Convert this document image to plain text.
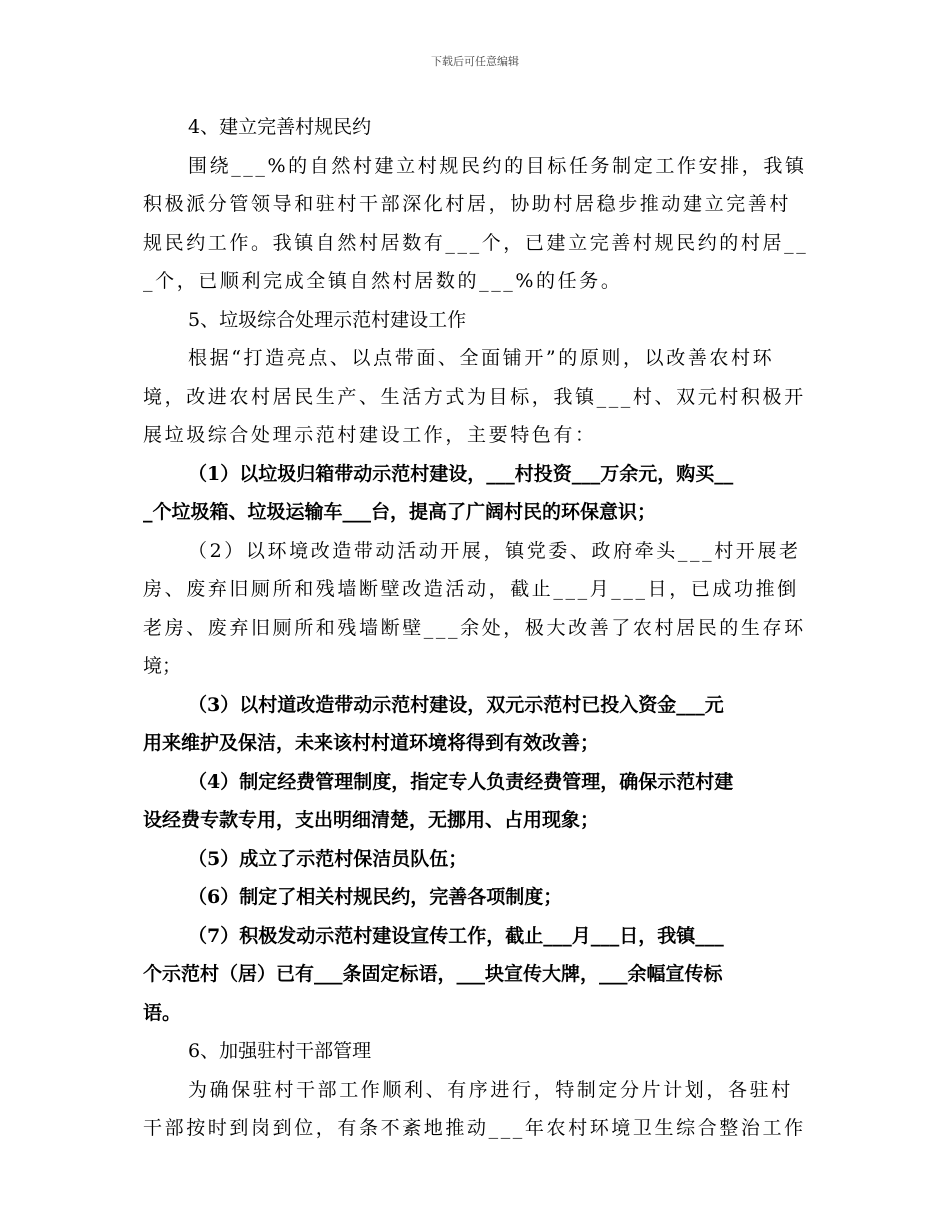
下载后可任意编辑
4、建立完善村规民约
围绕___%的自然村建立村规民约的目标任务制定工作安排，我镇
积极派分管领导和驻村干部深化村居，协助村居稳步推动建立完善村
规民约工作。我镇自然村居数有___个，已建立完善村规民约的村居__
_个，已顺利完成全镇自然村居数的___%的任务。
5、垃圾综合处理示范村建设工作
根据“打造亮点、以点带面、全面铺开”的原则，以改善农村环
境，改进农村居民生产、生活方式为目标，我镇___村、双元村积极开
展垃圾综合处理示范村建设工作，主要特色有：
（1）以垃圾归箱带动示范村建设，___村投资___万余元，购买__
_个垃圾箱、垃圾运输车___台，提高了广阔村民的环保意识；
（2）以环境改造带动活动开展，镇党委、政府牵头___村开展老
房、废弃旧厕所和残墙断壁改造活动，截止___月___日，已成功推倒
老房、废弃旧厕所和残墙断壁___余处，极大改善了农村居民的生存环
境；
（3）以村道改造带动示范村建设，双元示范村已投入资金___元
用来维护及保洁，未来该村村道环境将得到有效改善；
（4）制定经费管理制度，指定专人负责经费管理，确保示范村建
设经费专款专用，支出明细清楚，无挪用、占用现象；
（5）成立了示范村保洁员队伍；
（6）制定了相关村规民约，完善各项制度；
（7）积极发动示范村建设宣传工作，截止___月___日，我镇___
个示范村（居）已有___条固定标语，___块宣传大牌，___余幅宣传标
语。
6、加强驻村干部管理
为确保驻村干部工作顺利、有序进行，特制定分片计划，各驻村
干部按时到岗到位，有条不紊地推动___年农村环境卫生综合整治工作
